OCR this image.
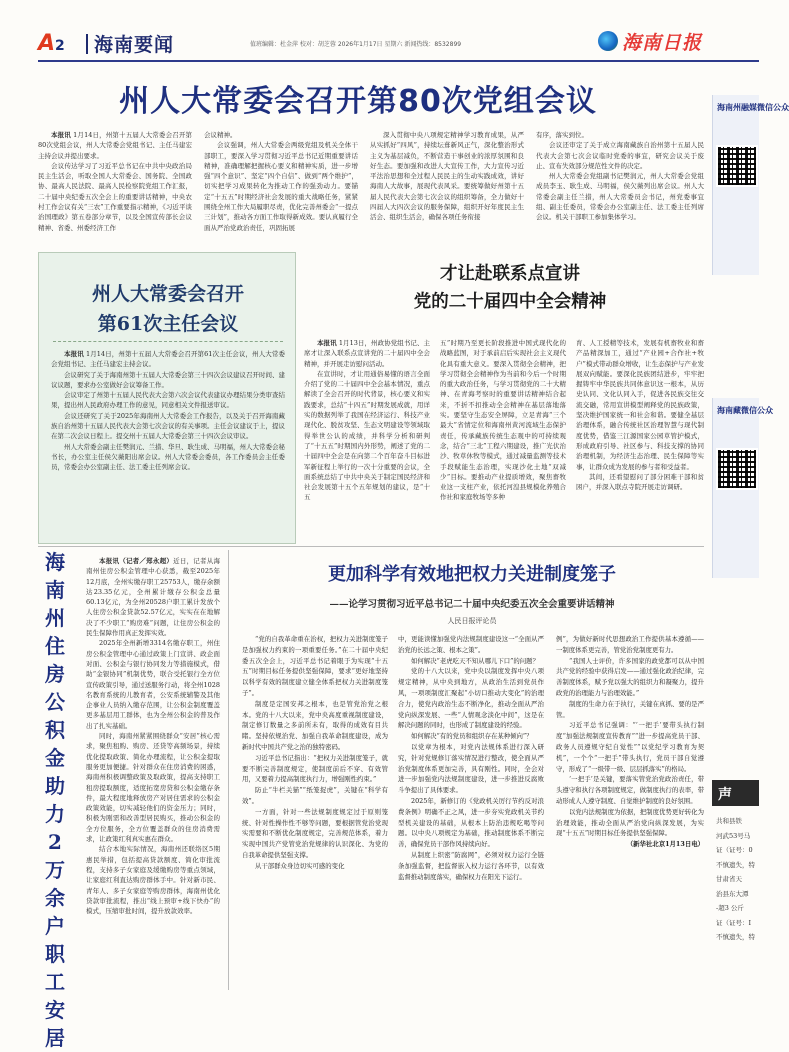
A2	海南要闻	值班编辑：杜金萍 校对：胡芝蓉 2026年1月17日 星期六 新闻热线：8532899	海南日报
州人大常委会召开第80次党组会议

本报讯 1月14日，州第十五届人大常委会召开第80次党组会议，州人大常委会党组书记、主任马建宏主持会议并提出要求。

会议传达学习了习近平总书记在中共中央政治局民主生活会，听取全国人大常委会、国务院、全国政协、最高人民法院、最高人民检察院党组工作汇报，二十届中央纪委五次全会上的重要讲话精神，中央农村工作会议有关“三农”工作重要指示精神，《习近平谈治国理政》第五卷部分章节，以及全国宣传部长会议精神、省委、州委经济工作

会议精神。

会议强调，州人大常委会两级党组及机关全体干部职工，要深入学习贯彻习近平总书记近期重要讲话精神，准确理解把握核心要义和精神实质，进一步增强“四个意识”、坚定“四个自信”、做到“两个维护”，切实把学习成果转化为推动工作的强劲动力。要锚定“十五五”时期经济社会发展的重大战略任务，紧紧围绕全州工作大局履职尽责，优化完善州委会“一提点三计划”，推动各方面工作取得新成效。要认真履行全面从严治党政治责任，巩固拓展

深入贯彻中央八项规定精神学习教育成果，从严从实抓好“四风”，持续坛葺新风正气，深化整治形式主义为基层减负，不断营造干事创业的浓厚氛围和良好生态。要加强和改进人大宣传工作，大力宣传习近平法治思想和全过程人民民主的生动实践成效，讲好海南人大故事，展现代表风采。要统筹做好州第十五届人民代表大会第七次会议的组织筹备，全力做好十四届人大四次会议的服务保障，组织开好年度民主生活会、组织生活会，确保各项任务衔接

有序，落实到位。

会议还审定了关于成立海南藏族自治州第十五届人民代表大会第七次会议临时党委的事宜，研究会议关于废止、宣布失效部分规范性文件的决定。

州人大常委会党组副书记樊润元，州人大常委会党组成员李玉、耿生成、马明福，侯欠薇列出席会议。州人大常委会副主任兰措，州人大常委员会书记，州党委事宜组、副主任委员，常委会办公室副主任、法工委主任列席会议。机关干部职工参加集体学习。

海南州融媒微信公众
海南藏微信公众
声
共和县铁
河武53号马
证（证号：0
不慎遗失，特
甘肃省天
治县东大潭
-超3 公斤
证（证号：I
不慎遗失，特
州人大常委会召开
第61次主任会议

本报讯 1月14日，州第十五届人大常委会召开第61次主任会议，州人大常委会党组书记、主任马建宏主持会议。

会议研究了关于海南州第十五届人大常委会第三十四次会议建议召开时间、建议议题，要求办公室做好会议筹备工作。

会议审定了州第十五届人民代表大会第六次会议代表建议办理结果分类审查结果，提出州人民政府办理工作的意见，同意相关文件报送审议。

会议还研究了关于2025年海南州人大常委会工作报告，以及关于召开海南藏族自治州第十五届人民代表大会第七次会议的有关事项。主任会议建议于上，提议在第二次会议日程上。提交州十五届人大常委会第三十四次会议审议。

州人大常委会副主任樊润元、兰措、华旦、耿生成、马明福，州人大常委会秘书长，办公室主任侯欠薇阳出席会议。州人大常委会委员，各工作委员会主任委员，常委会办公室副主任、法工委主任列席会议。

才让赴联系点宣讲
党的二十届四中全会精神

本报讯 1月13日，州政协党组书记、主席才让深入联系点宣讲党的二十届四中全会精神，并开展走访慰问活动。

在宣讲时，才让用通俗易懂的语言全面介绍了党的二十届四中全会基本情况，重点解读了全会召开的时代背景，核心要义和实践要求，总结“十四五”时期发展成就，用详实的数据列举了我国在经济运行、科技产业现代化、脱贫攻坚、生态文明建设等领域取得举世公认的成绩，并科学分析和研判了“十五五”时期国内外形势，阐述了党的二十届四中全会是在向第二个百年奋斗目标进军新征程上举行的一次十分重要的会议，全面系统总结了中共中央关于制定国民经济和社会发展第十五个五年规划的建议，是“十五

五”时期乃至更长阶段推进中国式现代化的战略蓝图，对于承前启后实现社会主义现代化具有重大意义。要深入贯彻全会精神，把学习贯彻全会精神作为当前和今后一个时期的重大政治任务，与学习贯彻党的二十大精神、在青海考察时的重要讲话精神结合起来，不折不扣推动全会精神在基层落地落实。要坚守生态安全屏障，立足青海“三个最大”省情定位和海南州黄河流域生态保护责任，传承藏族传统生态观中的可持续观念，结合“三北”工程六期建设，推广光伏治沙、牧草休牧等模式，通过减量监测等技术手段赋能生态治理，实现沙化土地“双减少”目标。要推动产业提质增效，聚焦畜牧业这一支柱产业，依托河湟县规模化养殖合作社和家庭牧场等多种

育、人工授精等技术，发展有机畜牧业和畜产品精深加工，通过“产业园+合作社+牧户”模式带动群众增收，让生态保护与产业发展双向赋能。要深化民族团结进步，牢牢把握铸牢中华民族共同体意识这一根本，从历史认同、文化认同入手，促进各民族交往交流交融，常用宣讲模型阐释党的民族政策，坚决维护国家统一和社会和谐。要健全基层治理体系，融合传统社区治理智慧与现代制度优势，借鉴三江源国家公园草管护模式，形成政府引导、社区参与、科技支撑的协同治理机制，为经济生态治理、民生保障等实事，让群众成为发展的参与者和受益者。

其间，还看望慰问了部分困难干部和贫困户，并深入联点寺院开展走访调研。

海南州住房公积金助力2万余户职工安居

本报讯（记者／郑永超）近日，记者从海南州住房公积金管理中心获悉，截至2025年12月底，全州实缴存职工25753人，缴存余额达23.35亿元，全州累计缴存公积金总量60.13亿元，为全州20528户职工累计发放个人住房公积金贷款52.57亿元，实实在在地解决了不少职工“购房难”问题，让住房公积金的民生保障作用真正发挥实效。

2025年全州新增3314名缴存职工，州住房公积金管理中心通过政策上门宣讲、政企面对面、公积金与银行协同发力等措施模式，借助“金银协同”机制优势，联合受托银行全方位宣传政策引导，通过送服务行动，将全州1028名教育系统的儿教育者，公安系统辅警及其他企事业人员纳入缴存范围，让公积金制度覆盖更多基层用工群体，也为全州公积金的普及作出了扎实基础。

同时，海南州紧紧围绕群众“安居”核心需求，聚焦租购、购房、还贷等高频场景，持续优化提取政策、简化办理流程，让公积金提取服务更加便捷。针对群众在住房消费的困惑，海南州积极调整政策及取政策，提高支持职工租房提取额度，适度拓宽房贷和公积金缴存条件，最大程度地释放房产对居住需求的公积金政策效能，切实减轻他们的资金压力；同时，积极为刚需和改善型居民购买，推动公积金的全方位服务，全方位覆盖群众的住房消费需求，让政策红利真实惠在群众。

结合本地实际情况，海南州还联络区5期惠民举措，包括提高贷款额度、简化审批流程，支持多子女家庭及缓缴购房等重点领域，让家庭红利直达购房群体手中。针对新市民、青年人、多子女家庭等购房群体，海南州优化贷款审批流程，推出“线上预审+线下快办”的模式，压缩审批时间，提升放款效率。

更加科学有效地把权力关进制度笼子
——论学习贯彻习近平总书记二十届中央纪委五次全会重要讲话精神
人民日报评论员

“党的自我革命重在治权，把权力关进制度笼子是加强权力约束的一项重要任务。”在二十届中央纪委五次全会上，习近平总书记着眼于为实现“十五五”时期目标任务提供坚强保障，要求“更好地坚持以科学有效的制度建立健全体系把权力关进制度笼子”。

制度是定国安邦之根本，也是管党治党之根本。党的十八大以来，党中央高度重视制度建设，制定修订数量之多前所未有，取得的成效有目共睹。坚持依规治党、加强自我革命制度建设，成为新时代中国共产党之治的独特密码。

习近平总书记指出：“把权力关进制度笼子，就要不断完善制度规定，使制度前后不穿、有效管用，又要着力提高制度执行力，增强刚性约束。”

防止“牛栏关猫”“纸笼捉虎”，关键在“科学有效”。

一方面，针对一些法规制度规定过于原则笼统、针对性操作性不够等问题，要根据管党治党现实需要和不断优化制度规定，完善规范体系，着力实现中国共产党管党治党规律的认识深化、为党的自我革命提供坚强支撑。

从干部群众身边切实可感的变化

中，更能读懂加强党内法规制度建设这一“全面从严治党的长远之策、根本之策”。

如何解决“老虎吃天不知从哪儿下口”的问题？

党的十八大以来，党中央以制度发挥中央八项规定精神，从中央到地方，从政治生活到党员作风，一项项制度汇聚起“小切口推动大变化”的治理合力，使党内政治生态不断净化，推动全面从严治党向纵深发展、一些“人情观念淡化中间”，这是在解决问题的同时，也形成了制度建设的经验。

如何解决“有的党员和组织存在某种倾向”？

以党章为根本，对党内法规体系进行深入研究，针对党规修订落实情况进行整改，使全面从严治党制度体系更加完善，具有刚性。同时，全会对进一步加强党内法规制度建设，进一步推进反腐败斗争提出了具体要求。

2025年，新修订的《党政机关厉行节约反对浪费条例》明确不正之风，进一步夯实党政机关节约型机关建设的基础，从根本上防治违规吃喝等问题。以中央八项规定为基础，推动制度体系不断完善，确保党员干部作风持续向好。

从制度上织密“防腐网”，必须对权力运行全链条加强监督，把监督嵌入权力运行各环节，以有效监督推动制度落实，确保权力在阳光下运行。

例”，为做好新时代思想政治工作提供基本遵循——一制度体系更完善，管党治党制度更有力。

“我国人士评价，许多国家的政党都可以从中国共产党的经验中获得启发——通过强化政治纪律，完善制度体系，赋予党以强大的组织力和凝聚力，提升政党的治理能力与治理效能。”

制度的生命力在于执行，关键在真抓、要的是严管。

习近平总书记强调：“‘一把手’要带头执行制度“加强法规制度宣传教育”“进一步提高党员干部、政务人员遵规守纪自觉性”“以党纪学习教育为契机”，一个个“一把手”带头执行，党员干部自觉遵守，形成了“一级带一级、层层抓落实”的格局。

‘一把手’是关键，要落实管党治党政治责任，带头遵守和执行各项制度规定，做制度执行的表率，带动形成人人遵守制度、自觉维护制度的良好氛围。

以党内法规制度为依据，把制度优势更好转化为治理效能，推动全面从严治党向纵深发展，为实现“十五五”时期目标任务提供坚强保障。

（新华社北京1月13日电）
